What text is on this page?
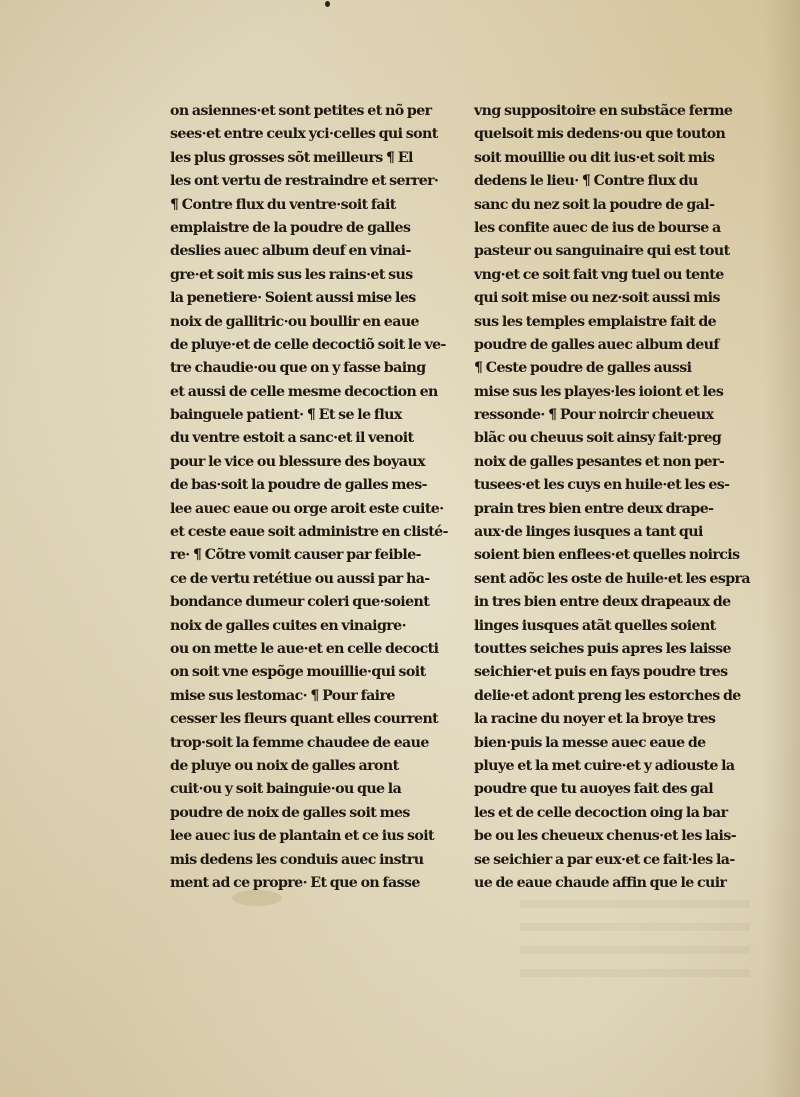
on asiennes·et sont petites et nõ per
sees·et entre ceulx yci·celles qui sont
les plus grosses sõt meilleurs ¶ El
les ont vertu de restraindre et serrer·
¶ Contre flux du ventre·soit fait
emplaistre de la poudre de galles
deslies auec album deuf en vinai-
gre·et soit mis sus les rains·et sus
la penetiere· Soient aussi mise les
noix de gallitric·ou boullir en eaue
de pluye·et de celle decoctiõ soit le ve-
tre chaudie·ou que on y fasse baing
et aussi de celle mesme decoction en
bainguele patient· ¶ Et se le flux
du ventre estoit a sanc·et il venoit
pour le vice ou blessure des boyaux
de bas·soit la poudre de galles mes-
lee auec eaue ou orge aroit este cuite·
et ceste eaue soit administre en clisté-
re· ¶ Cõtre vomit causer par feible-
ce de vertu retétiue ou aussi par ha-
bondance dumeur coleri que·soient
noix de galles cuites en vinaigre·
ou on mette le aue·et en celle decocti
on soit vne espõge mouillie·qui soit
mise sus lestomac· ¶ Pour faire
cesser les fleurs quant elles courrent
trop·soit la femme chaudee de eaue
de pluye ou noix de galles aront
cuit·ou y soit bainguie·ou que la
poudre de noix de galles soit mes
lee auec ius de plantain et ce ius soit
mis dedens les conduis auec instru
ment ad ce propre· Et que on fasse
vng suppositoire en substãce ferme
quelsoit mis dedens·ou que touton
soit mouillie ou dit ius·et soit mis
dedens le lieu· ¶ Contre flux du
sanc du nez soit la poudre de gal-
les confite auec de ius de bourse a
pasteur ou sanguinaire qui est tout
vng·et ce soit fait vng tuel ou tente
qui soit mise ou nez·soit aussi mis
sus les temples emplaistre fait de
poudre de galles auec album deuf
¶ Ceste poudre de galles aussi
mise sus les playes·les ioiont et les
ressonde· ¶ Pour noircir cheueux
blãc ou cheuus soit ainsy fait·preg
noix de galles pesantes et non per-
tusees·et les cuys en huile·et les es-
prain tres bien entre deux drape-
aux·de linges iusques a tant qui
soient bien enflees·et quelles noircis
sent adõc les oste de huile·et les espra
in tres bien entre deux drapeaux de
linges iusques atãt quelles soient
touttes seiches puis apres les laisse
seichier·et puis en fays poudre tres
delie·et adont preng les estorches de
la racine du noyer et la broye tres
bien·puis la messe auec eaue de
pluye et la met cuire·et y adiouste la
poudre que tu auoyes fait des gal
les et de celle decoction oing la bar
be ou les cheueux chenus·et les lais-
se seichier a par eux·et ce fait·les la-
ue de eaue chaude affin que le cuir
